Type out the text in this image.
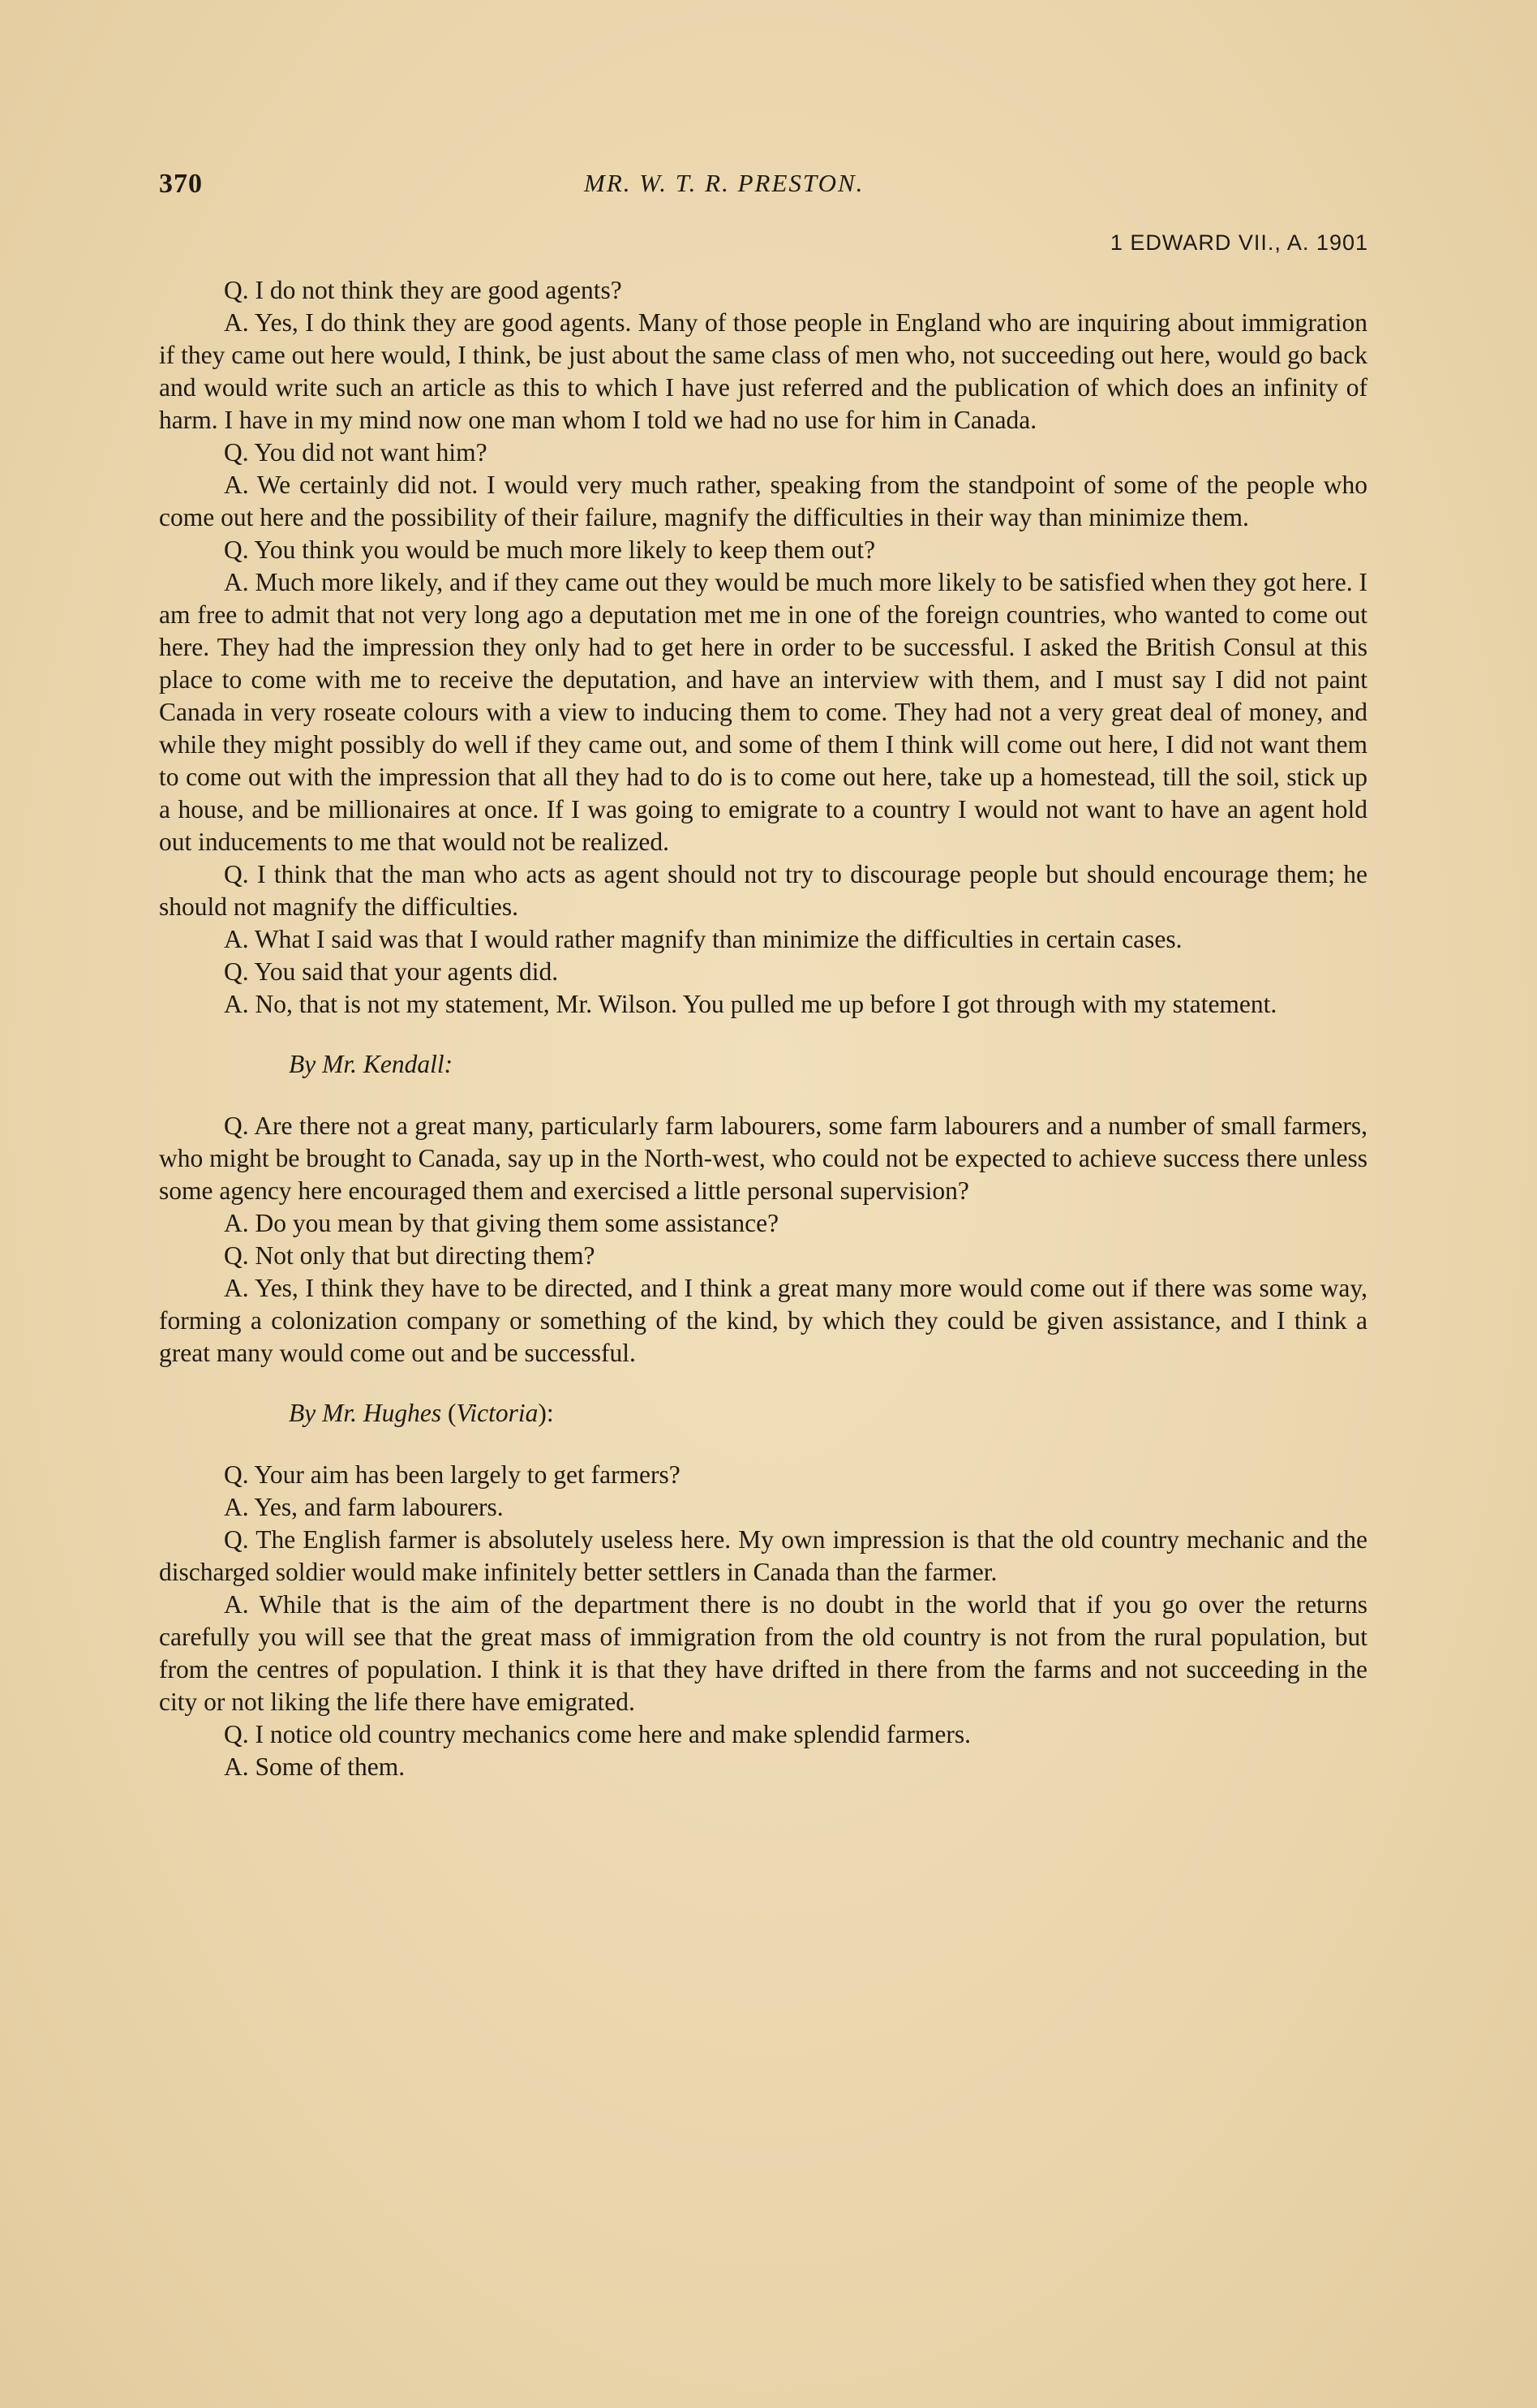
370	MR. W. T. R. PRESTON.
1 EDWARD VII., A. 1901

Q. I do not think they are good agents?

A. Yes, I do think they are good agents. Many of those people in England who are inquiring about immigration if they came out here would, I think, be just about the same class of men who, not succeeding out here, would go back and would write such an article as this to which I have just referred and the publication of which does an infinity of harm. I have in my mind now one man whom I told we had no use for him in Canada.

Q. You did not want him?

A. We certainly did not. I would very much rather, speaking from the standpoint of some of the people who come out here and the possibility of their failure, magnify the difficulties in their way than minimize them.

Q. You think you would be much more likely to keep them out?

A. Much more likely, and if they came out they would be much more likely to be satisfied when they got here. I am free to admit that not very long ago a deputation met me in one of the foreign countries, who wanted to come out here. They had the impression they only had to get here in order to be successful. I asked the British Consul at this place to come with me to receive the deputation, and have an interview with them, and I must say I did not paint Canada in very roseate colours with a view to inducing them to come. They had not a very great deal of money, and while they might possibly do well if they came out, and some of them I think will come out here, I did not want them to come out with the impression that all they had to do is to come out here, take up a homestead, till the soil, stick up a house, and be millionaires at once. If I was going to emigrate to a country I would not want to have an agent hold out inducements to me that would not be realized.

Q. I think that the man who acts as agent should not try to discourage people but should encourage them; he should not magnify the difficulties.

A. What I said was that I would rather magnify than minimize the difficulties in certain cases.

Q. You said that your agents did.

A. No, that is not my statement, Mr. Wilson. You pulled me up before I got through with my statement.

By Mr. Kendall:

Q. Are there not a great many, particularly farm labourers, some farm labourers and a number of small farmers, who might be brought to Canada, say up in the North-west, who could not be expected to achieve success there unless some agency here encouraged them and exercised a little personal supervision?

A. Do you mean by that giving them some assistance?

Q. Not only that but directing them?

A. Yes, I think they have to be directed, and I think a great many more would come out if there was some way, forming a colonization company or something of the kind, by which they could be given assistance, and I think a great many would come out and be successful.

By Mr. Hughes (Victoria):

Q. Your aim has been largely to get farmers?

A. Yes, and farm labourers.

Q. The English farmer is absolutely useless here. My own impression is that the old country mechanic and the discharged soldier would make infinitely better settlers in Canada than the farmer.

A. While that is the aim of the department there is no doubt in the world that if you go over the returns carefully you will see that the great mass of immigration from the old country is not from the rural population, but from the centres of population. I think it is that they have drifted in there from the farms and not succeeding in the city or not liking the life there have emigrated.

Q. I notice old country mechanics come here and make splendid farmers.

A. Some of them.
